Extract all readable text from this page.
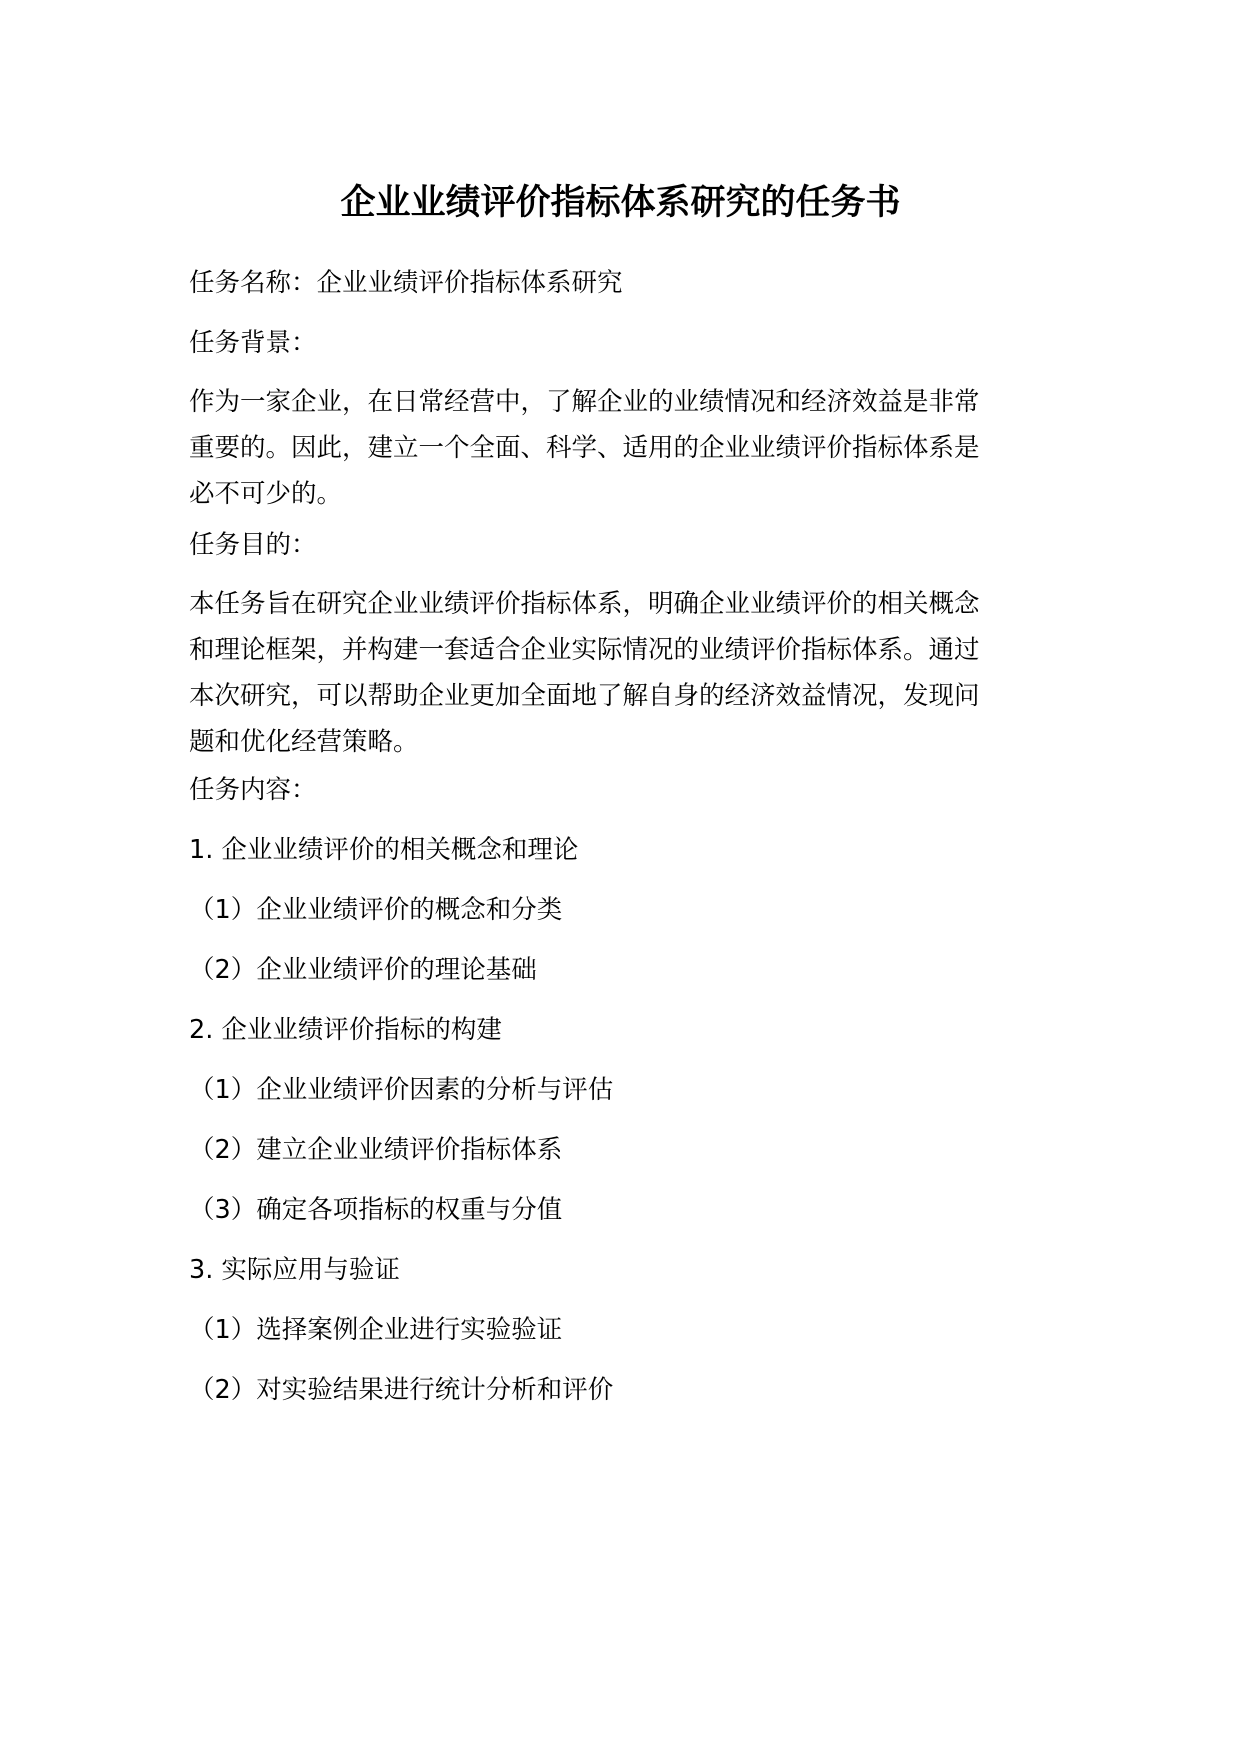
企业业绩评价指标体系研究的任务书

任务名称：企业业绩评价指标体系研究

任务背景：

作为一家企业，在日常经营中，了解企业的业绩情况和经济效益是非常
重要的。因此，建立一个全面、科学、适用的企业业绩评价指标体系是
必不可少的。

任务目的：

本任务旨在研究企业业绩评价指标体系，明确企业业绩评价的相关概念
和理论框架，并构建一套适合企业实际情况的业绩评价指标体系。通过
本次研究，可以帮助企业更加全面地了解自身的经济效益情况，发现问
题和优化经营策略。

任务内容：

1. 企业业绩评价的相关概念和理论

（1）企业业绩评价的概念和分类

（2）企业业绩评价的理论基础

2. 企业业绩评价指标的构建

（1）企业业绩评价因素的分析与评估

（2）建立企业业绩评价指标体系

（3）确定各项指标的权重与分值

3. 实际应用与验证

（1）选择案例企业进行实验验证

（2）对实验结果进行统计分析和评价
